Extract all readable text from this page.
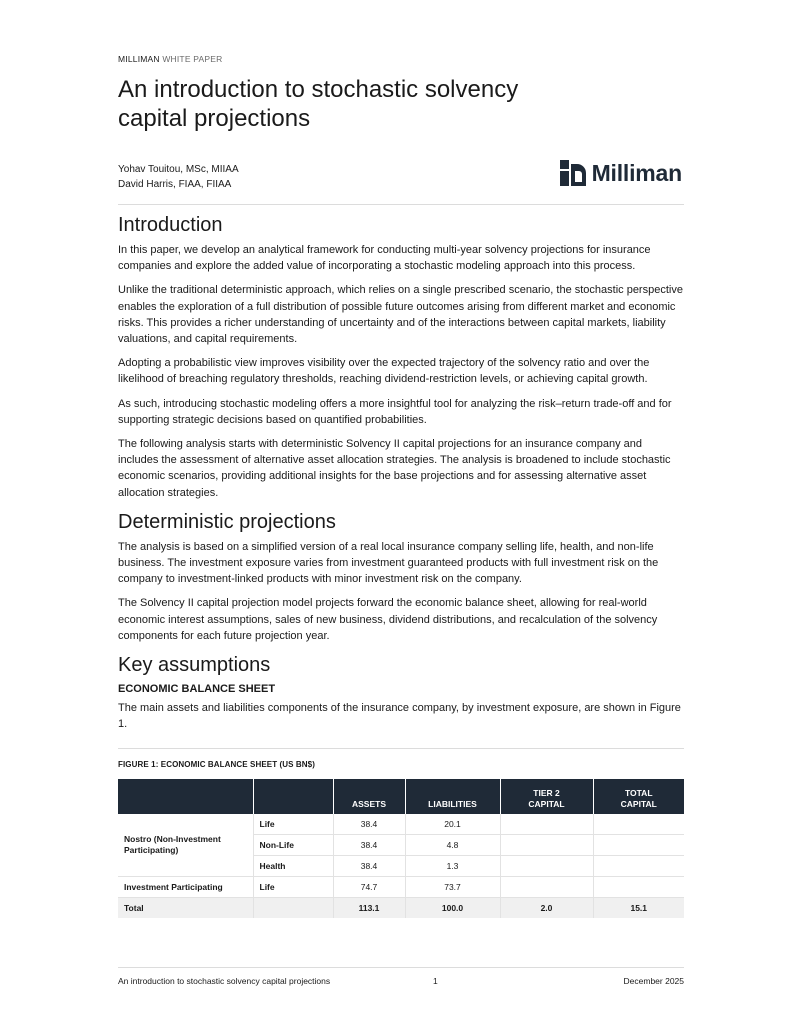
MILLIMAN WHITE PAPER
An introduction to stochastic solvency capital projections
Yohav Touitou, MSc, MIIAA
David Harris, FIAA, FIIAA	Milliman
Introduction

In this paper, we develop an analytical framework for conducting multi-year solvency projections for insurance companies and explore the added value of incorporating a stochastic modeling approach into this process.

Unlike the traditional deterministic approach, which relies on a single prescribed scenario, the stochastic perspective enables the exploration of a full distribution of possible future outcomes arising from different market and economic risks. This provides a richer understanding of uncertainty and of the interactions between capital markets, liability valuations, and capital requirements.

Adopting a probabilistic view improves visibility over the expected trajectory of the solvency ratio and over the likelihood of breaching regulatory thresholds, reaching dividend-restriction levels, or achieving capital growth.

As such, introducing stochastic modeling offers a more insightful tool for analyzing the risk–return trade-off and for supporting strategic decisions based on quantified probabilities.

The following analysis starts with deterministic Solvency II capital projections for an insurance company and includes the assessment of alternative asset allocation strategies. The analysis is broadened to include stochastic economic scenarios, providing additional insights for the base projections and for assessing alternative asset allocation strategies.

Deterministic projections

The analysis is based on a simplified version of a real local insurance company selling life, health, and non-life business. The investment exposure varies from investment guaranteed products with full investment risk on the company to investment-linked products with minor investment risk on the company.

The Solvency II capital projection model projects forward the economic balance sheet, allowing for real-world economic interest assumptions, sales of new business, dividend distributions, and recalculation of the solvency components for each future projection year.

Key assumptions
ECONOMIC BALANCE SHEET

The main assets and liabilities components of the insurance company, by investment exposure, are shown in Figure 1.

FIGURE 1: ECONOMIC BALANCE SHEET (US BN$)
		ASSETS	LIABILITIES	TIER 2 CAPITAL	TOTAL CAPITAL
Nostro (Non-Investment Participating)	Life	38.4	20.1		
	Non-Life	38.4	4.8		
	Health	38.4	1.3		
Investment Participating	Life	74.7	73.7		
Total		113.1	100.0	2.0	15.1
An introduction to stochastic solvency capital projections	1	December 2025
